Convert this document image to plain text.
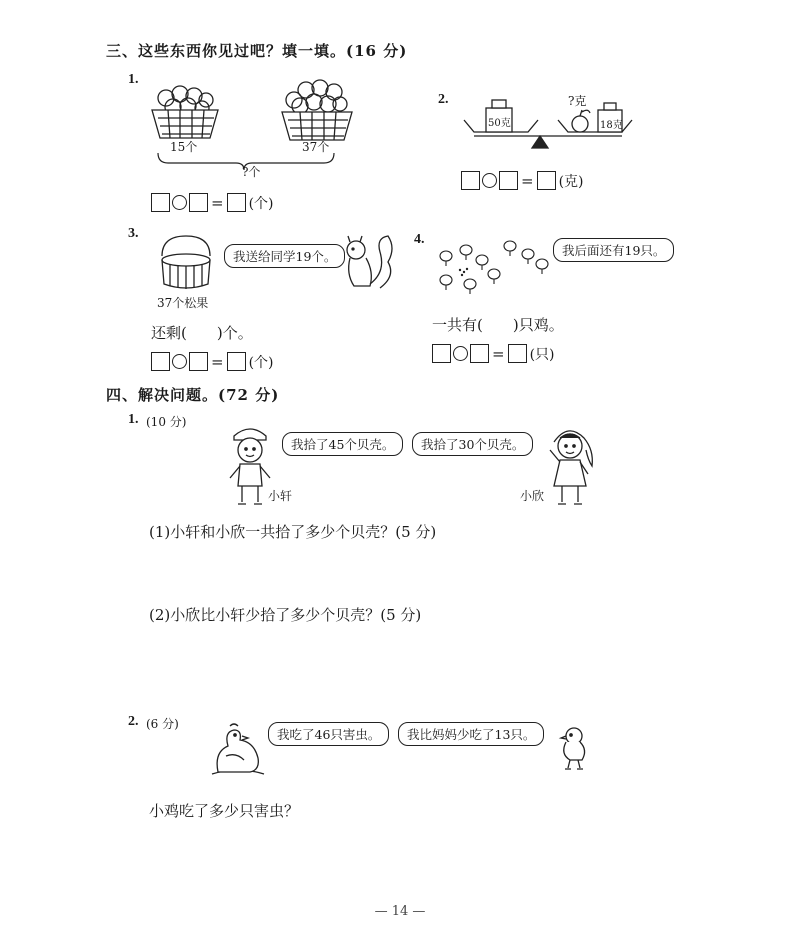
三、这些东西你见过吧？填一填。(16 分)
1.
15个	37个
?个
= (个)
2.
50克	18克
?克
= (克)
3.
37个松果
我送给同学19个。
还剩(　　)个。
= (个)
4.
我后面还有19只。
一共有(　　)只鸡。
= (只)
四、解决问题。(72 分)
1. (10 分)
小轩
我拾了45个贝壳。	我拾了30个贝壳。
小欣
(1)小轩和小欣一共拾了多少个贝壳？(5 分)
(2)小欣比小轩少拾了多少个贝壳？(5 分)
2. (6 分)
我吃了46只害虫。	我比妈妈少吃了13只。
小鸡吃了多少只害虫？
— 14 —
